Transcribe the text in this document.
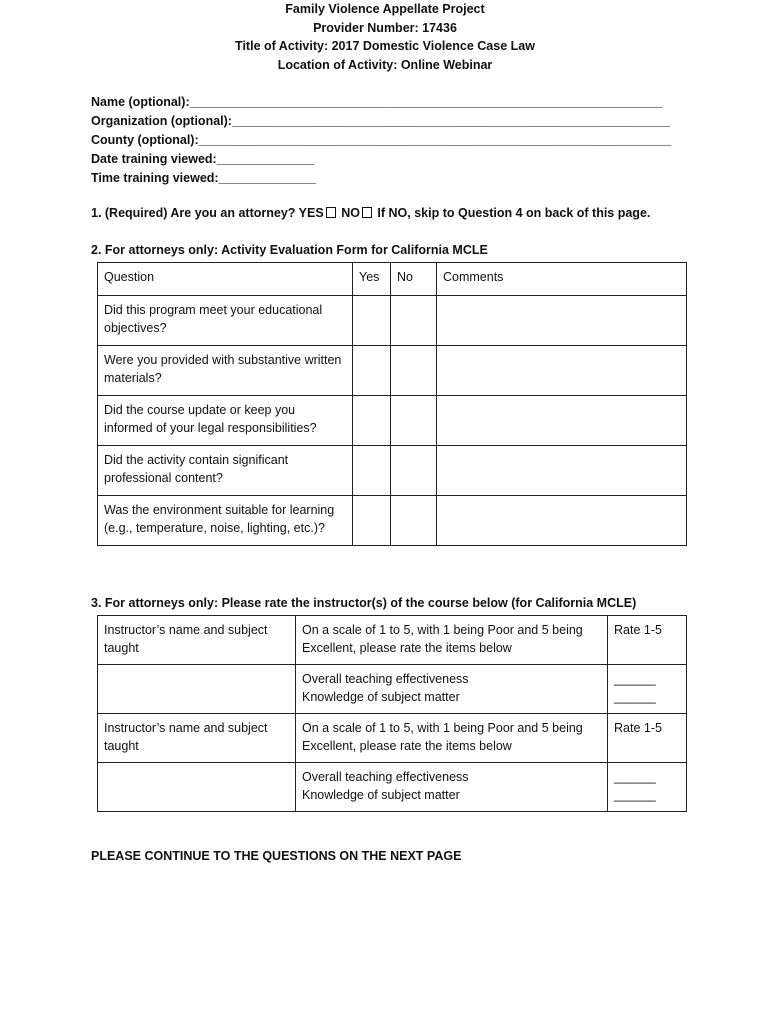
Family Violence Appellate Project
Provider Number: 17436
Title of Activity: 2017 Domestic Violence Case Law
Location of Activity: Online Webinar
Name (optional):____________________________________________________________________
Organization (optional):_______________________________________________________________
County (optional):____________________________________________________________________
Date training viewed:______________
Time training viewed:______________
1. (Required) Are you an attorney? YES NO If NO, skip to Question 4 on back of this page.
2. For attorneys only: Activity Evaluation Form for California MCLE
Question	Yes	No	Comments
Did this program meet your educational objectives?			
Were you provided with substantive written materials?			
Did the course update or keep you informed of your legal responsibilities?			
Did the activity contain significant professional content?			
Was the environment suitable for learning (e.g., temperature, noise, lighting, etc.)?			
3. For attorneys only: Please rate the instructor(s) of the course below (for California MCLE)
Instructor’s name and subject taught	On a scale of 1 to 5, with 1 being Poor and 5 being Excellent, please rate the items below	Rate 1-5

	Overall teaching effectiveness
Knowledge of subject matter	______
______

Instructor’s name and subject taught	On a scale of 1 to 5, with 1 being Poor and 5 being Excellent, please rate the items below	Rate 1-5

	Overall teaching effectiveness
Knowledge of subject matter	______
______
PLEASE CONTINUE TO THE QUESTIONS ON THE NEXT PAGE
